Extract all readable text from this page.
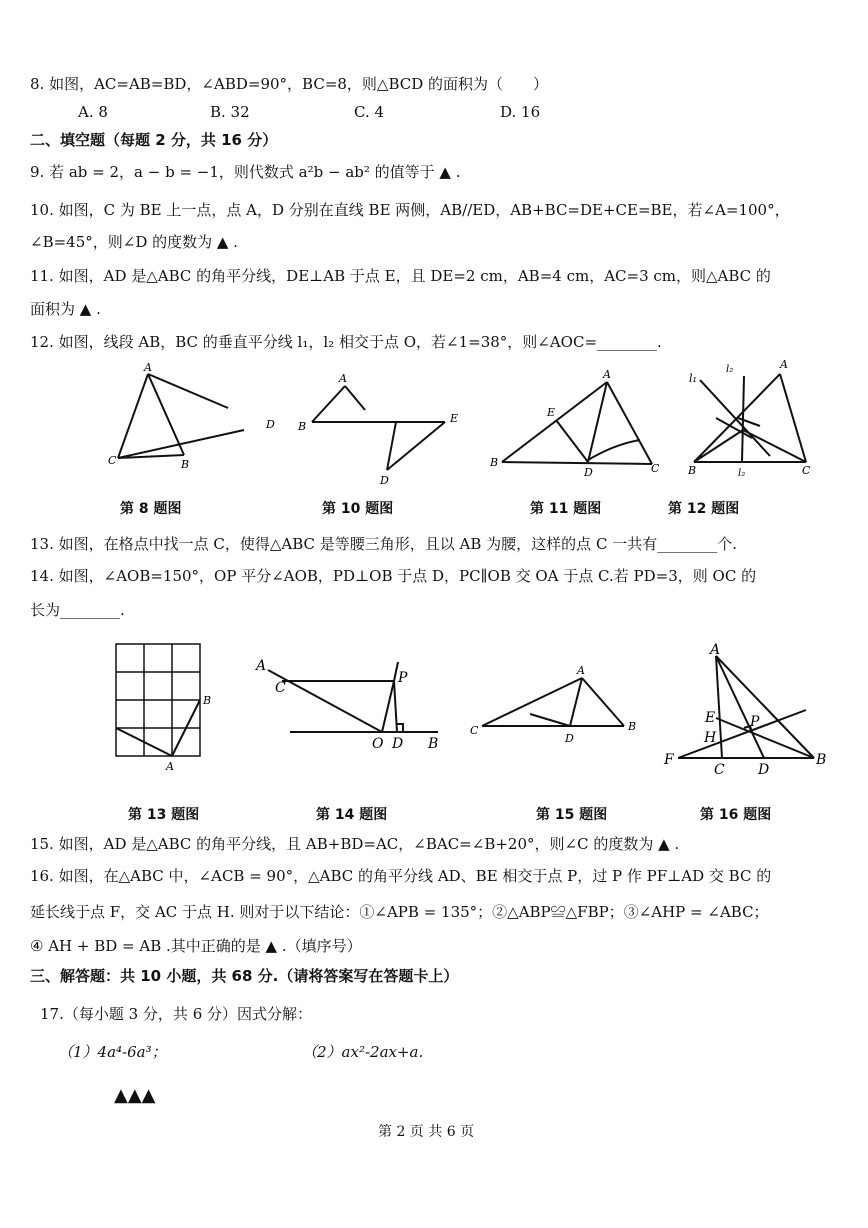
8. 如图，AC=AB=BD，∠ABD=90°，BC=8，则△BCD 的面积为（　　）
A. 8	B. 32	C. 4	D. 16
二、填空题（每题 2 分，共 16 分）
9. 若 ab = 2，a − b = −1，则代数式 a²b − ab² 的值等于 ▲ .
10. 如图，C 为 BE 上一点，点 A，D 分别在直线 BE 两侧，AB//ED，AB+BC=DE+CE=BE，若∠A=100°，
∠B=45°，则∠D 的度数为 ▲ .
11. 如图，AD 是△ABC 的角平分线，DE⊥AB 于点 E，且 DE=2 cm，AB=4 cm，AC=3 cm，则△ABC 的
面积为 ▲ .
12. 如图，线段 AB，BC 的垂直平分线 l₁，l₂ 相交于点 O，若∠1=38°，则∠AOC=________.
A
C	B
D
A
B
E
D
A
E
B
D	C
l₁
l₂	A
B	l₂	C
第 8 题图	第 10 题图	第 11 题图	第 12 题图
13. 如图，在格点中找一点 C，使得△ABC 是等腰三角形，且以 AB 为腰，这样的点 C 一共有________个.
14. 如图，∠AOB=150°，OP 平分∠AOB，PD⊥OB 于点 D，PC∥OB 交 OA 于点 C.若 PD=3，则 OC 的
长为________.
B
A
A
C
P
O D B
A
C
D
B
A
E
H
P
F
C D
B
第 13 题图	第 14 题图	第 15 题图	第 16 题图
15. 如图，AD 是△ABC 的角平分线，且 AB+BD=AC，∠BAC=∠B+20°，则∠C 的度数为 ▲ .
16. 如图，在△ABC 中，∠ACB = 90°，△ABC 的角平分线 AD、BE 相交于点 P，过 P 作 PF⊥AD 交 BC 的
延长线于点 F，交 AC 于点 H. 则对于以下结论：①∠APB = 135°；②△ABP≌△FBP；③∠AHP = ∠ABC；
④ AH + BD = AB .其中正确的是 ▲ .（填序号）
三、解答题：共 10 小题，共 68 分.（请将答案写在答题卡上）
17.（每小题 3 分，共 6 分）因式分解：
（1）4a⁴-6a³；	（2）ax²-2ax+a.
▲▲▲
第 2 页 共 6 页
